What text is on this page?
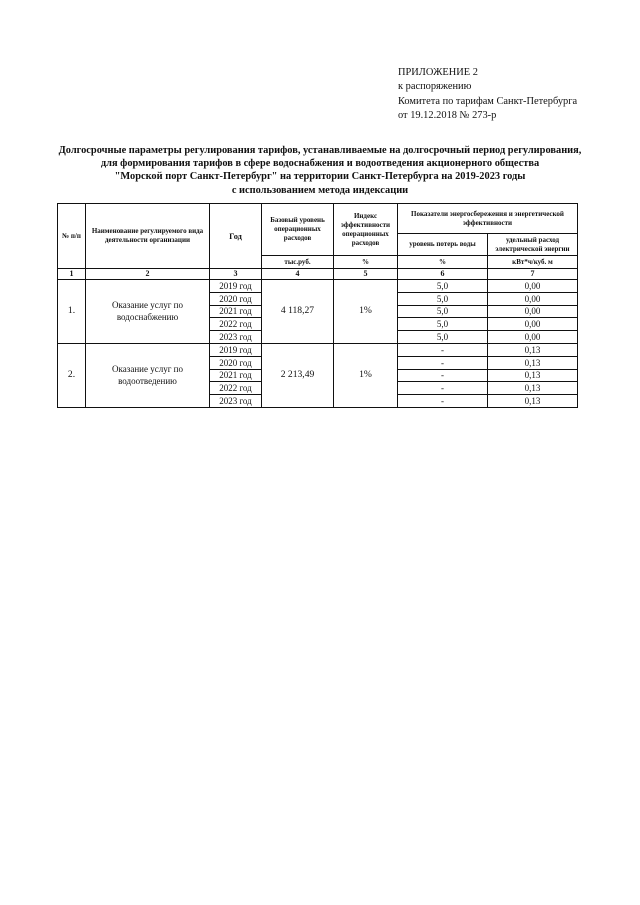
ПРИЛОЖЕНИЕ 2
к распоряжению
Комитета по тарифам Санкт-Петербурга
от 19.12.2018 № 273-р
Долгосрочные параметры регулирования тарифов, устанавливаемые на долгосрочный период регулирования,
для формирования тарифов в сфере водоснабжения и водоотведения акционерного общества
"Морской порт Санкт-Петербург" на территории Санкт-Петербурга на 2019-2023 годы
с использованием метода индексации
№ п/п	Наименование регулируемого вида деятельности организации	Год	Базовый уровень операционных расходов	Индекс эффективности операционных расходов	Показатели энергосбережения и энергетической эффективности	
					уровень потерь воды	удельный расход электрической энергии
			тыс.руб.	%	%	кВт*ч/куб. м
1	2	3	4	5	6	7
1.	Оказание услуг по водоснабжению	2019 год	4 118,27	1%	5,0	0,00
		2020 год			5,0	0,00
		2021 год			5,0	0,00
		2022 год			5,0	0,00
		2023 год			5,0	0,00
2.	Оказание услуг по водоотведению	2019 год	2 213,49	1%	-	0,13
		2020 год			-	0,13
		2021 год			-	0,13
		2022 год			-	0,13
		2023 год			-	0,13
